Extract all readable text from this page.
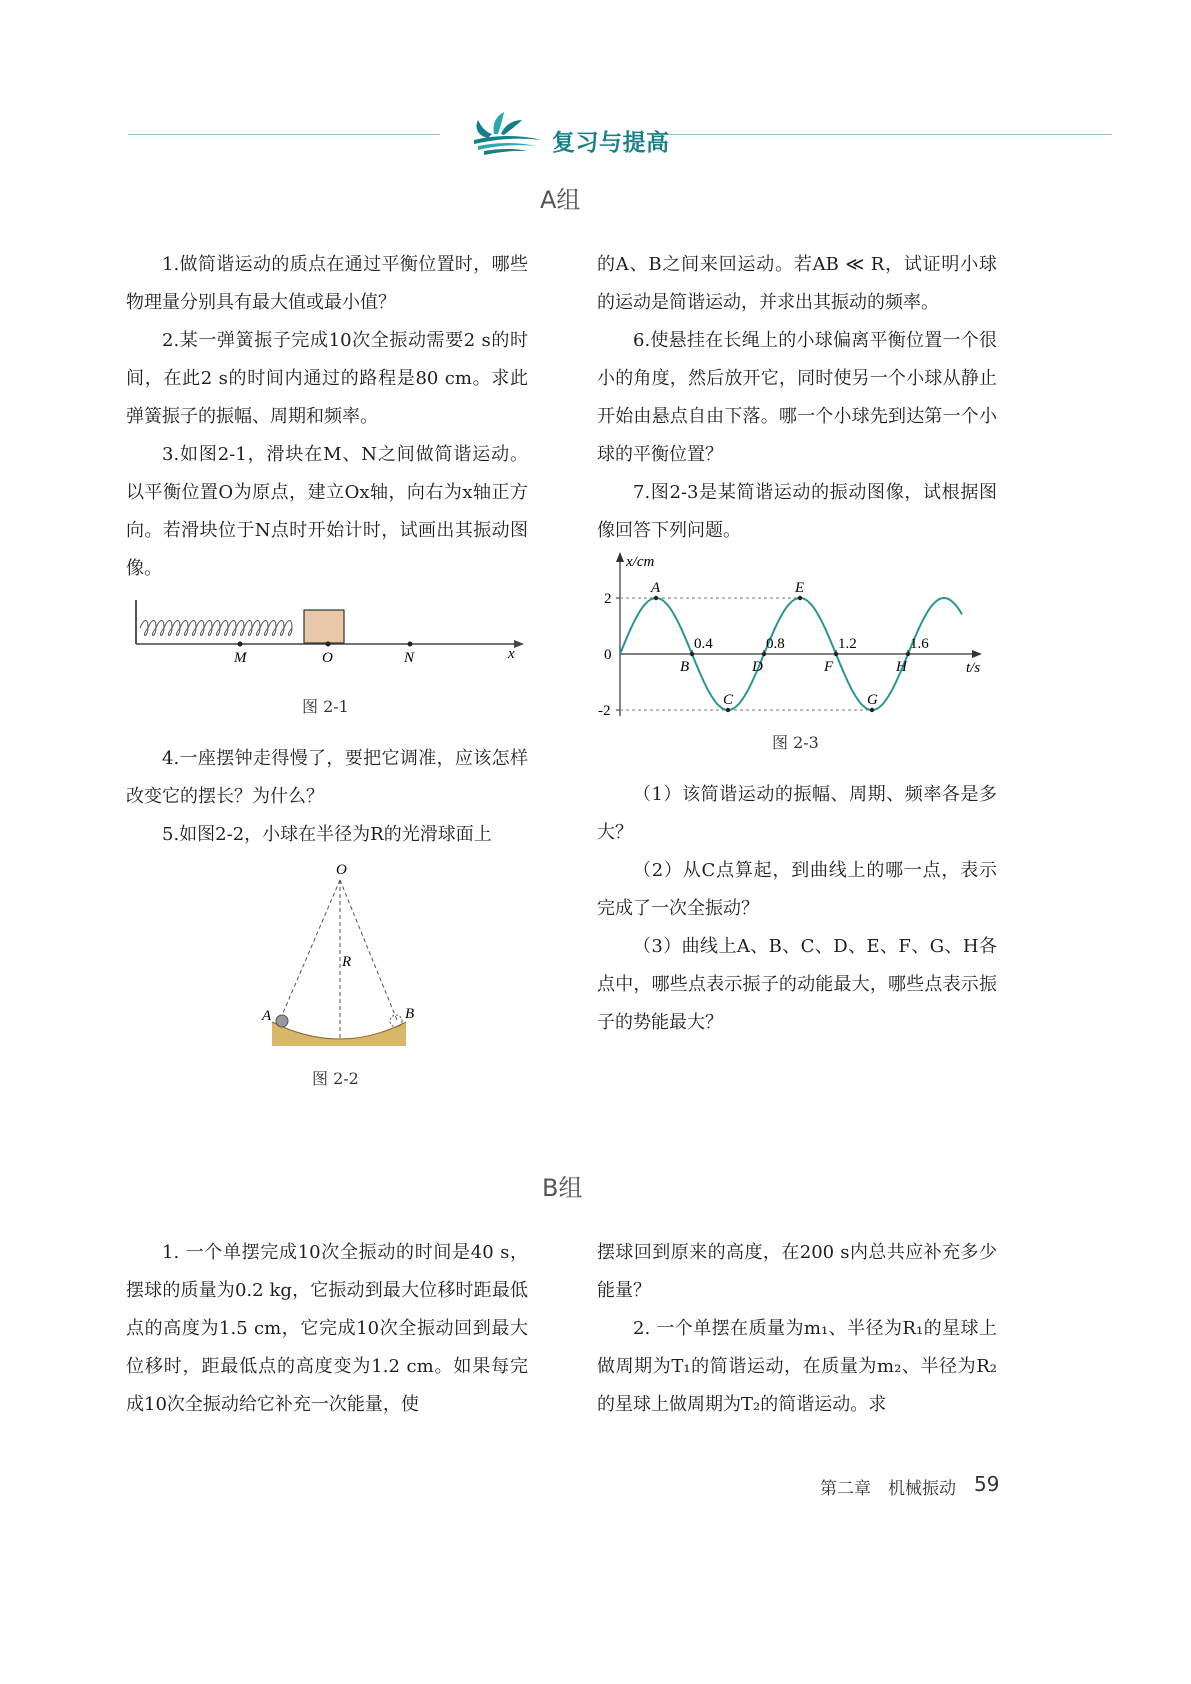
复习与提高
A组

1.做简谐运动的质点在通过平衡位置时，哪些物理量分别具有最大值或最小值？

2.某一弹簧振子完成10次全振动需要2 s的时间，在此2 s的时间内通过的路程是80 cm。求此弹簧振子的振幅、周期和频率。

3.如图2-1，滑块在M、N之间做简谐运动。以平衡位置O为原点，建立Ox轴，向右为x轴正方向。若滑块位于N点时开始计时，试画出其振动图像。

M	O	N	x
图 2-1

4.一座摆钟走得慢了，要把它调准，应该怎样改变它的摆长？为什么？

5.如图2-2，小球在半径为R的光滑球面上

O
R
A	B
图 2-2

的A、B之间来回运动。若AB ≪ R，试证明小球的运动是简谐运动，并求出其振动的频率。

6.使悬挂在长绳上的小球偏离平衡位置一个很小的角度，然后放开它，同时使另一个小球从静止开始由悬点自由下落。哪一个小球先到达第一个小球的平衡位置？

7.图2-3是某简谐运动的振动图像，试根据图像回答下列问题。

x/cm
t/s
2
0
-2
0.4	0.8	1.2	1.6
A
B
C
D
E
F
G
H
图 2-3

（1）该简谐运动的振幅、周期、频率各是多大？

（2）从C点算起，到曲线上的哪一点，表示完成了一次全振动？

（3）曲线上A、B、C、D、E、F、G、H各点中，哪些点表示振子的动能最大，哪些点表示振子的势能最大？

B组

1. 一个单摆完成10次全振动的时间是40 s，摆球的质量为0.2 kg，它振动到最大位移时距最低点的高度为1.5 cm，它完成10次全振动回到最大位移时，距最低点的高度变为1.2 cm。如果每完成10次全振动给它补充一次能量，使

摆球回到原来的高度，在200 s内总共应补充多少能量？

2. 一个单摆在质量为m₁、半径为R₁的星球上做周期为T₁的简谐运动，在质量为m₂、半径为R₂的星球上做周期为T₂的简谐运动。求

第二章　机械振动 59
